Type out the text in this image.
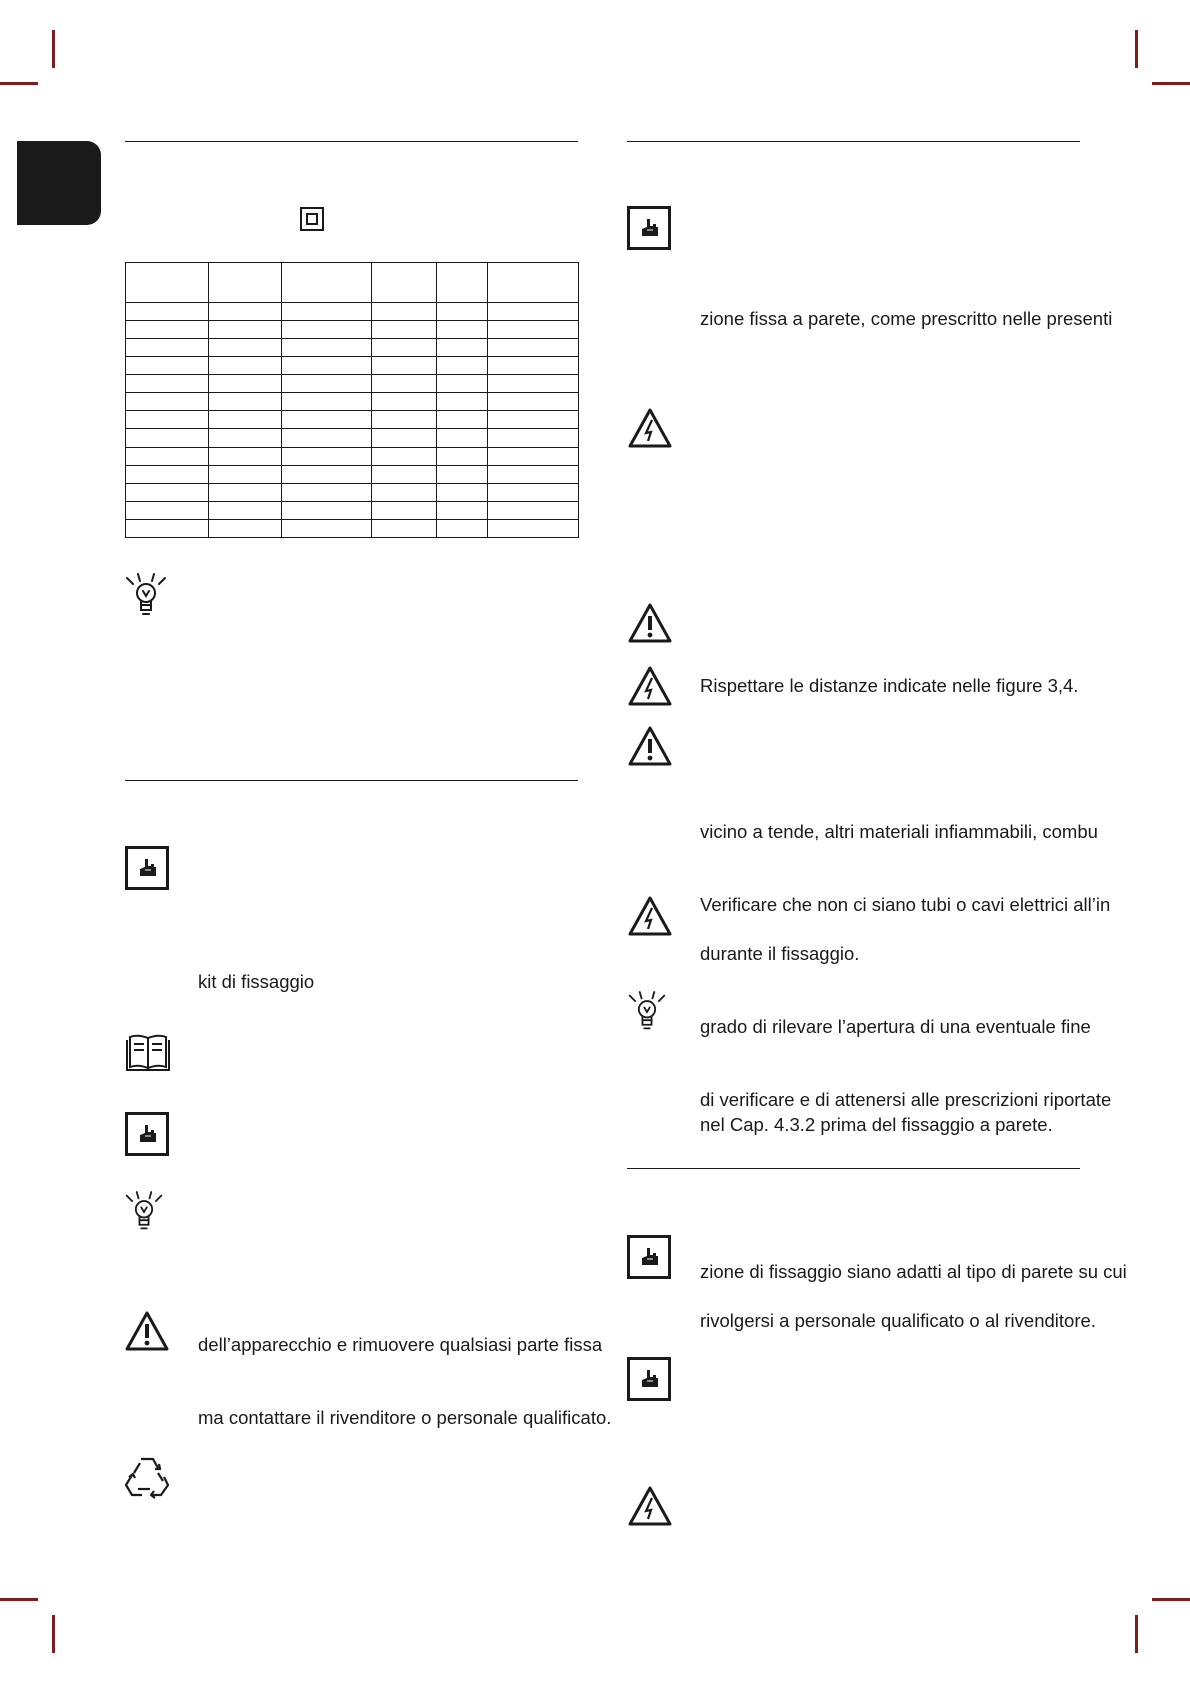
kit di fissaggio
dell’apparecchio e rimuovere qualsiasi parte fissa
ma contattare il rivenditore o personale qualificato.
zione fissa a parete, come prescritto nelle presenti
Rispettare le distanze indicate nelle figure 3,4.
vicino a tende, altri materiali infiammabili, combu
Verificare che non ci siano tubi o cavi elettrici all’in
durante il fissaggio.
grado di rilevare l’apertura di una eventuale fine
di verificare e di attenersi alle prescrizioni riportate
nel Cap. 4.3.2 prima del fissaggio a parete.
zione di fissaggio siano adatti al tipo di parete su cui
rivolgersi a personale qualificato o al rivenditore.
